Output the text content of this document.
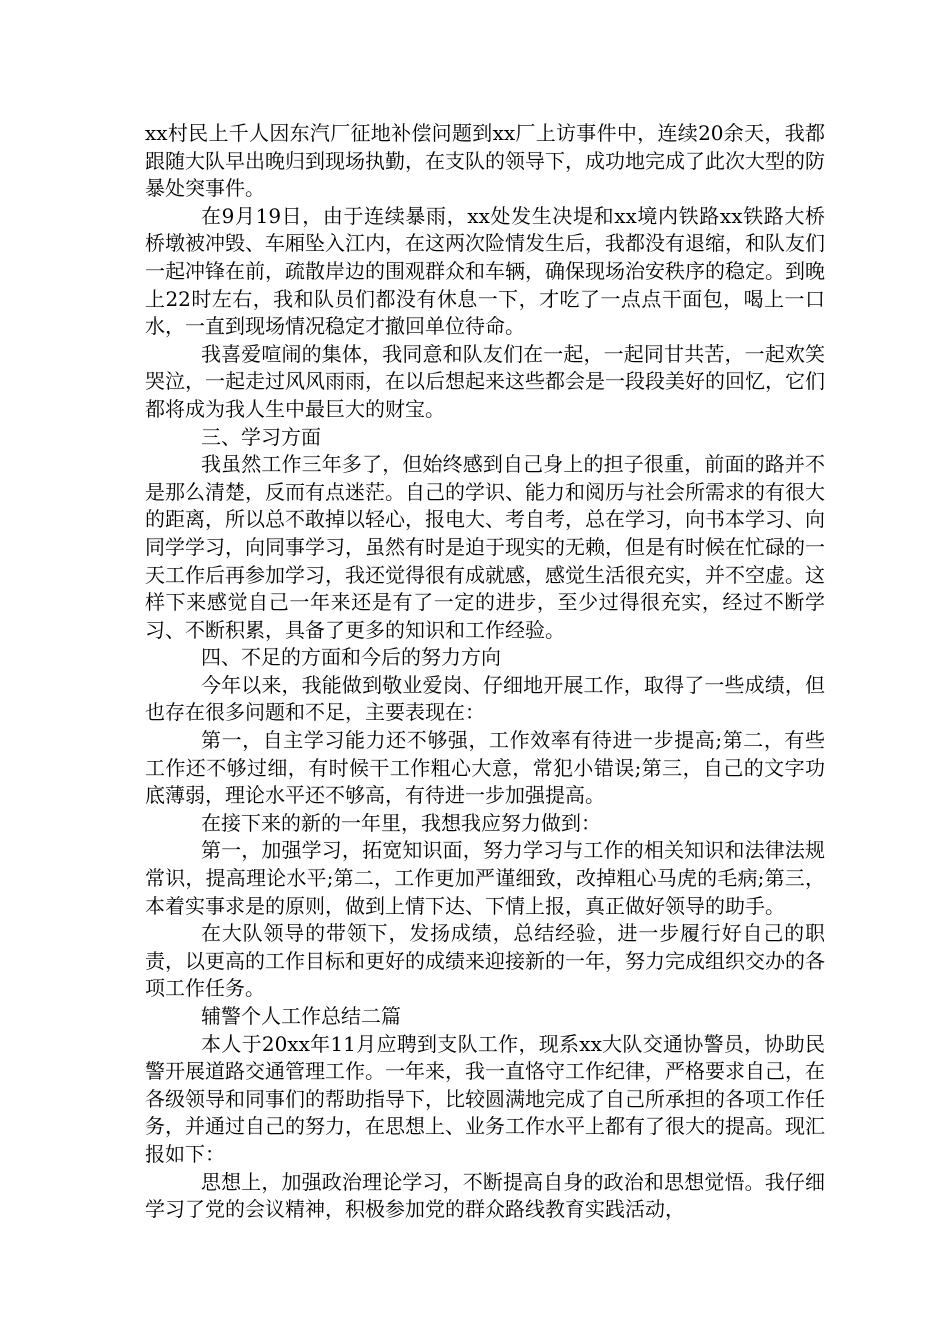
xx村民上千人因东汽厂征地补偿问题到xx厂上访事件中，连续20余天，我都跟随大队早出晚归到现场执勤，在支队的领导下，成功地完成了此次大型的防暴处突事件。

在9月19日，由于连续暴雨，xx处发生决堤和xx境内铁路xx铁路大桥桥墩被冲毁、车厢坠入江内，在这两次险情发生后，我都没有退缩，和队友们一起冲锋在前，疏散岸边的围观群众和车辆，确保现场治安秩序的稳定。到晚上22时左右，我和队员们都没有休息一下，才吃了一点点干面包，喝上一口水，一直到现场情况稳定才撤回单位待命。

我喜爱喧闹的集体，我同意和队友们在一起，一起同甘共苦，一起欢笑哭泣，一起走过风风雨雨，在以后想起来这些都会是一段段美好的回忆，它们都将成为我人生中最巨大的财宝。

三、学习方面

我虽然工作三年多了，但始终感到自己身上的担子很重，前面的路并不是那么清楚，反而有点迷茫。自己的学识、能力和阅历与社会所需求的有很大的距离，所以总不敢掉以轻心，报电大、考自考，总在学习，向书本学习、向同学学习，向同事学习，虽然有时是迫于现实的无赖，但是有时候在忙碌的一天工作后再参加学习，我还觉得很有成就感，感觉生活很充实，并不空虚。这样下来感觉自己一年来还是有了一定的进步，至少过得很充实，经过不断学习、不断积累，具备了更多的知识和工作经验。

四、不足的方面和今后的努力方向

今年以来，我能做到敬业爱岗、仔细地开展工作，取得了一些成绩，但也存在很多问题和不足，主要表现在：

第一，自主学习能力还不够强，工作效率有待进一步提高;第二，有些工作还不够过细，有时候干工作粗心大意，常犯小错误;第三，自己的文字功底薄弱，理论水平还不够高，有待进一步加强提高。

在接下来的新的一年里，我想我应努力做到：

第一，加强学习，拓宽知识面，努力学习与工作的相关知识和法律法规常识，提高理论水平;第二，工作更加严谨细致，改掉粗心马虎的毛病;第三，本着实事求是的原则，做到上情下达、下情上报，真正做好领导的助手。

在大队领导的带领下，发扬成绩，总结经验，进一步履行好自己的职责，以更高的工作目标和更好的成绩来迎接新的一年，努力完成组织交办的各项工作任务。

辅警个人工作总结二篇

本人于20xx年11月应聘到支队工作，现系xx大队交通协警员，协助民警开展道路交通管理工作。一年来，我一直恪守工作纪律，严格要求自己，在各级领导和同事们的帮助指导下，比较圆满地完成了自己所承担的各项工作任务，并通过自己的努力，在思想上、业务工作水平上都有了很大的提高。现汇报如下：

思想上，加强政治理论学习，不断提高自身的政治和思想觉悟。我仔细学习了党的会议精神，积极参加党的群众路线教育实践活动，
